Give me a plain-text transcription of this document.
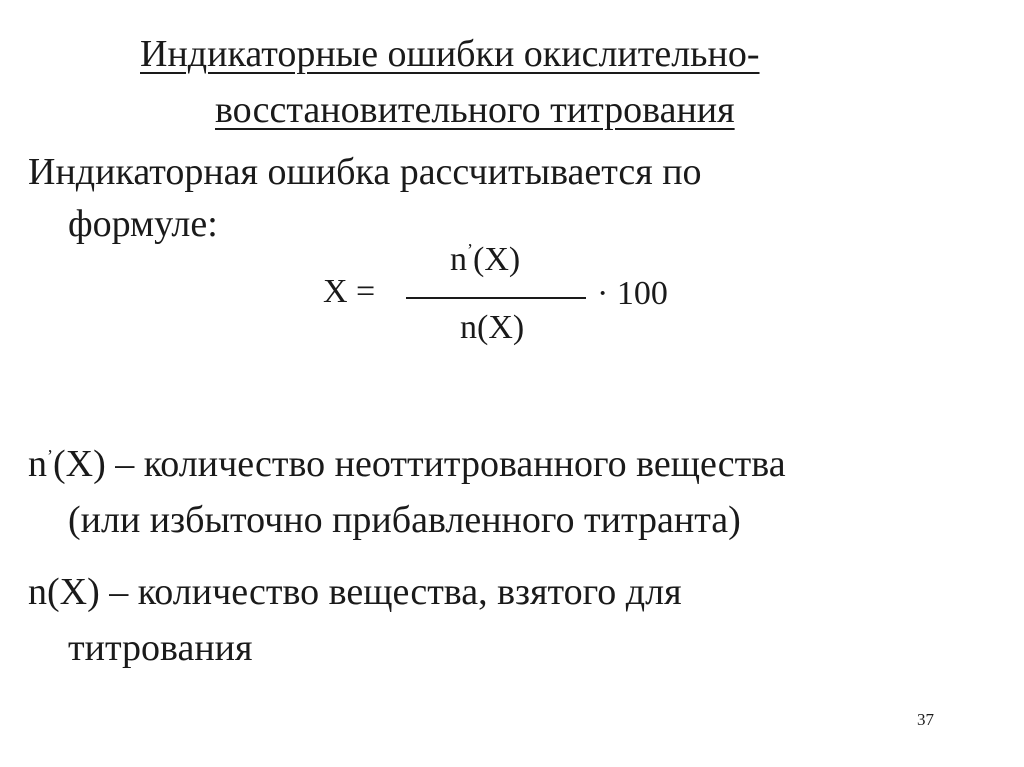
Индикаторные ошибки окислительно-
восстановительного титрования
Индикаторная ошибка рассчитывается по
формуле:
X =
n’(X)
n(X)
· 100
n’(X) – количество неоттитрованного вещества
(или избыточно прибавленного титранта)
n(X) – количество вещества, взятого для
титрования
37
